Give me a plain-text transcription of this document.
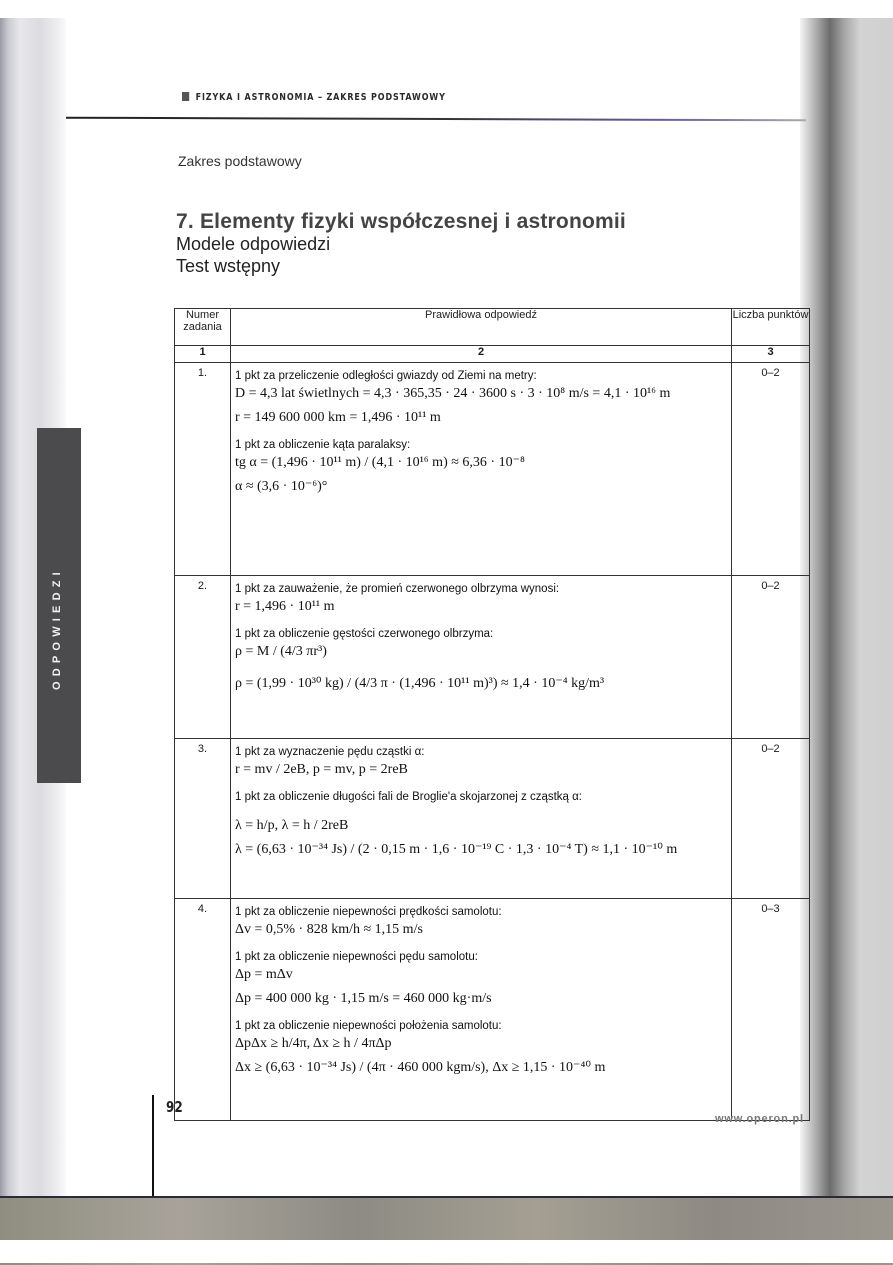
FIZYKA I ASTRONOMIA – ZAKRES PODSTAWOWY
Zakres podstawowy
7. Elementy fizyki współczesnej i astronomii
Modele odpowiedzi
Test wstępny
ODPOWIEDZI
Numer zadania	Prawidłowa odpowiedź	Liczba punktów
1	2	3
1.	1 pkt za przeliczenie odległości gwiazdy od Ziemi na metry:
D = 4,3 lat świetlnych = 4,3 · 365,35 · 24 · 3600 s · 3 · 10⁸ m/s = 4,1 · 10¹⁶ m
r = 149 600 000 km = 1,496 · 10¹¹ m
1 pkt za obliczenie kąta paralaksy:
tg α = (1,496 · 10¹¹ m) / (4,1 · 10¹⁶ m) ≈ 6,36 · 10⁻⁸
α ≈ (3,6 · 10⁻⁶)°
	0–2
2.	1 pkt za zauważenie, że promień czerwonego olbrzyma wynosi:
r = 1,496 · 10¹¹ m
1 pkt za obliczenie gęstości czerwonego olbrzyma:
ρ = M / (4/3 πr³)
ρ = (1,99 · 10³⁰ kg) / (4/3 π · (1,496 · 10¹¹ m)³) ≈ 1,4 · 10⁻⁴ kg/m³	0–2
3.	1 pkt za wyznaczenie pędu cząstki α:
r = mv / 2eB, p = mv, p = 2reB
1 pkt za obliczenie długości fali de Broglie'a skojarzonej z cząstką α:
λ = h/p, λ = h / 2reB
λ = (6,63 · 10⁻³⁴ Js) / (2 · 0,15 m · 1,6 · 10⁻¹⁹ C · 1,3 · 10⁻⁴ T) ≈ 1,1 · 10⁻¹⁰ m	0–2
4.	1 pkt za obliczenie niepewności prędkości samolotu:
Δv = 0,5% · 828 km/h ≈ 1,15 m/s
1 pkt za obliczenie niepewności pędu samolotu:
Δp = mΔv
Δp = 400 000 kg · 1,15 m/s = 460 000 kg·m/s
1 pkt za obliczenie niepewności położenia samolotu:
ΔpΔx ≥ h/4π, Δx ≥ h / 4πΔp
Δx ≥ (6,63 · 10⁻³⁴ Js) / (4π · 460 000 kgm/s), Δx ≥ 1,15 · 10⁻⁴⁰ m
	0–3
92
www.operon.pl
